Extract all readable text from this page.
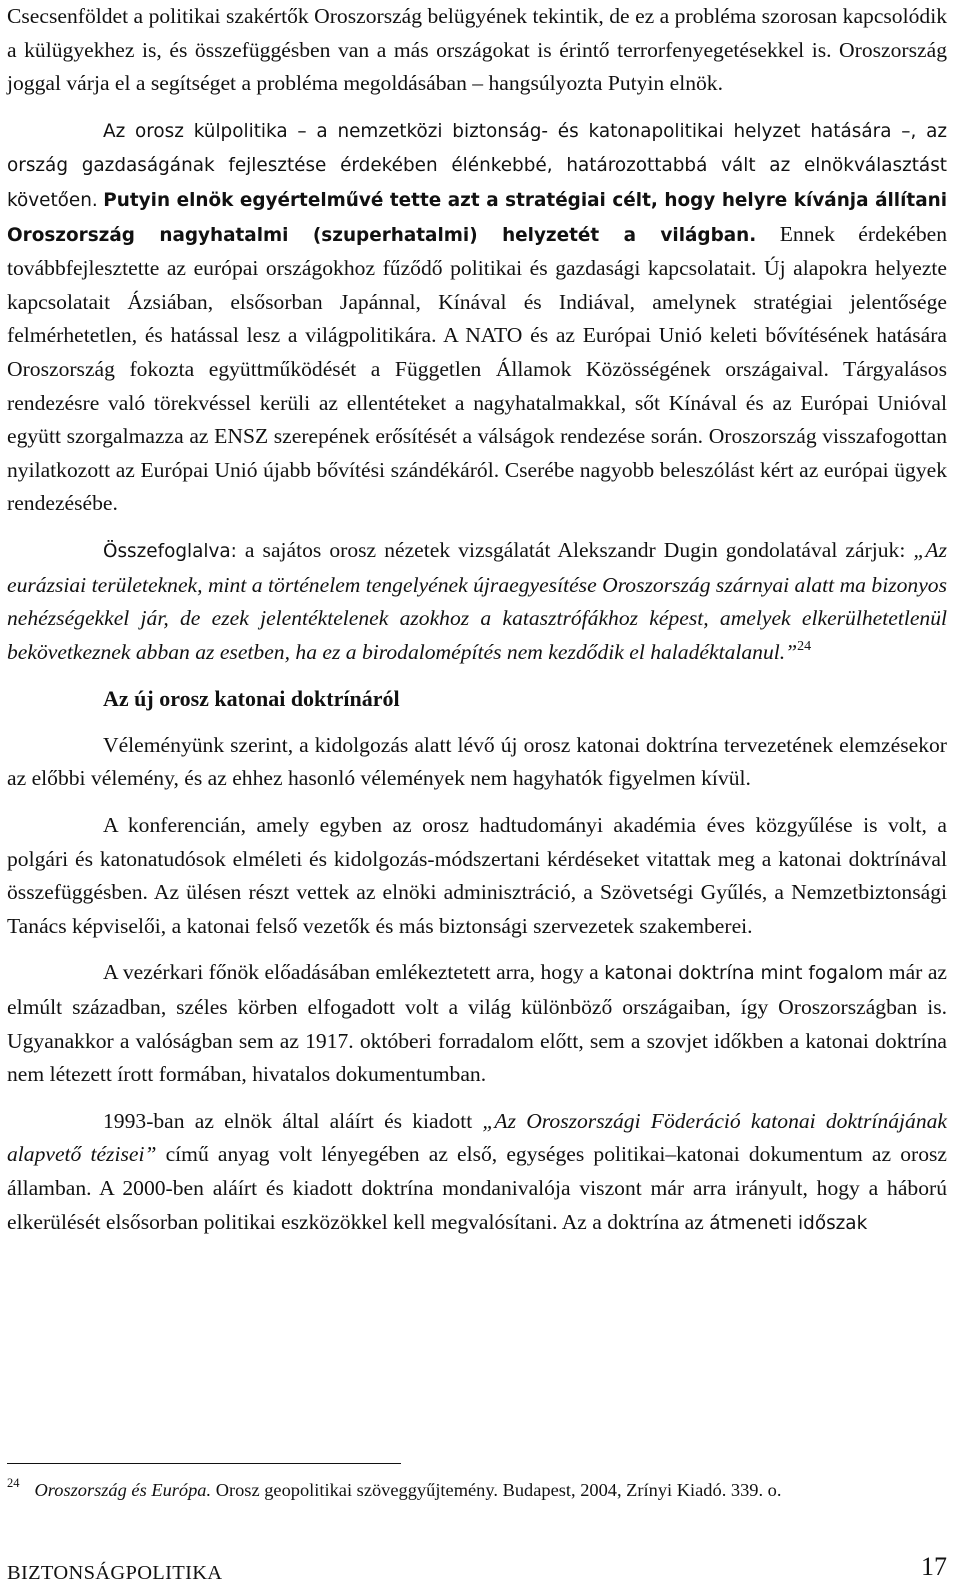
Csecsenföldet a politikai szakértők Oroszország belügyének tekintik, de ez a probléma szorosan kapcsolódik a külügyekhez is, és összefüggésben van a más országokat is érintő terrorfenyegetésekkel is. Oroszország joggal várja el a segítséget a probléma megoldásában – hangsúlyozta Putyin elnök.

Az orosz külpolitika – a nemzetközi biztonság- és katonapolitikai helyzet hatására –, az ország gazdaságának fejlesztése érdekében élénkebbé, határozottabbá vált az elnökválasztást követően. Putyin elnök egyértelművé tette azt a stratégiai célt, hogy helyre kívánja állítani Oroszország nagyhatalmi (szuperhatalmi) helyzetét a világban. Ennek érdekében továbbfejlesztette az európai országokhoz fűződő politikai és gazdasági kapcsolatait. Új alapokra helyezte kapcsolatait Ázsiában, elsősorban Japánnal, Kínával és Indiával, amelynek stratégiai jelentősége felmérhetetlen, és hatással lesz a világpolitikára. A NATO és az Európai Unió keleti bővítésének hatására Oroszország fokozta együttműködését a Független Államok Közösségének országaival. Tárgyalásos rendezésre való törekvéssel kerüli az ellentéteket a nagyhatalmakkal, sőt Kínával és az Európai Unióval együtt szorgalmazza az ENSZ szerepének erősítését a válságok rendezése során. Oroszország visszafogottan nyilatkozott az Európai Unió újabb bővítési szándékáról. Cserébe nagyobb beleszólást kért az európai ügyek rendezésébe.

Összefoglalva: a sajátos orosz nézetek vizsgálatát Alekszandr Dugin gondolatával zárjuk: „Az eurázsiai területeknek, mint a történelem tengelyének újraegyesítése Oroszország szárnyai alatt ma bizonyos nehézségekkel jár, de ezek jelentéktelenek azokhoz a katasztrófákhoz képest, amelyek elkerülhetetlenül bekövetkeznek abban az esetben, ha ez a birodalomépítés nem kezdődik el haladéktalanul.”$^{24}$

Az új orosz katonai doktrínáról

Véleményünk szerint, a kidolgozás alatt lévő új orosz katonai doktrína tervezetének elemzésekor az előbbi vélemény, és az ehhez hasonló vélemények nem hagyhatók figyelmen kívül.

A konferencián, amely egyben az orosz hadtudományi akadémia éves közgyűlése is volt, a polgári és katonatudósok elméleti és kidolgozás-módszertani kérdéseket vitattak meg a katonai doktrínával összefüggésben. Az ülésen részt vettek az elnöki adminisztráció, a Szövetségi Gyűlés, a Nemzetbiztonsági Tanács képviselői, a katonai felső vezetők és más biztonsági szervezetek szakemberei.

A vezérkari főnök előadásában emlékeztetett arra, hogy a katonai doktrína mint fogalom már az elmúlt században, széles körben elfogadott volt a világ különböző országaiban, így Oroszországban is. Ugyanakkor a valóságban sem az 1917. októberi forradalom előtt, sem a szovjet időkben a katonai doktrína nem létezett írott formában, hivatalos dokumentumban.

1993-ban az elnök által aláírt és kiadott „Az Oroszországi Föderáció katonai doktrínájának alapvető tézisei” című anyag volt lényegében az első, egységes politikai–katonai dokumentum az orosz államban. A 2000-ben aláírt és kiadott doktrína mondanivalója viszont már arra irányult, hogy a háború elkerülését elsősorban politikai eszközökkel kell megvalósítani. Az a doktrína az átmeneti időszak

$^{24}$ Oroszország és Európa. Orosz geopolitikai szöveggyűjtemény. Budapest, 2004, Zrínyi Kiadó. 339. o.
BIZTONSÁGPOLITIKA	17
